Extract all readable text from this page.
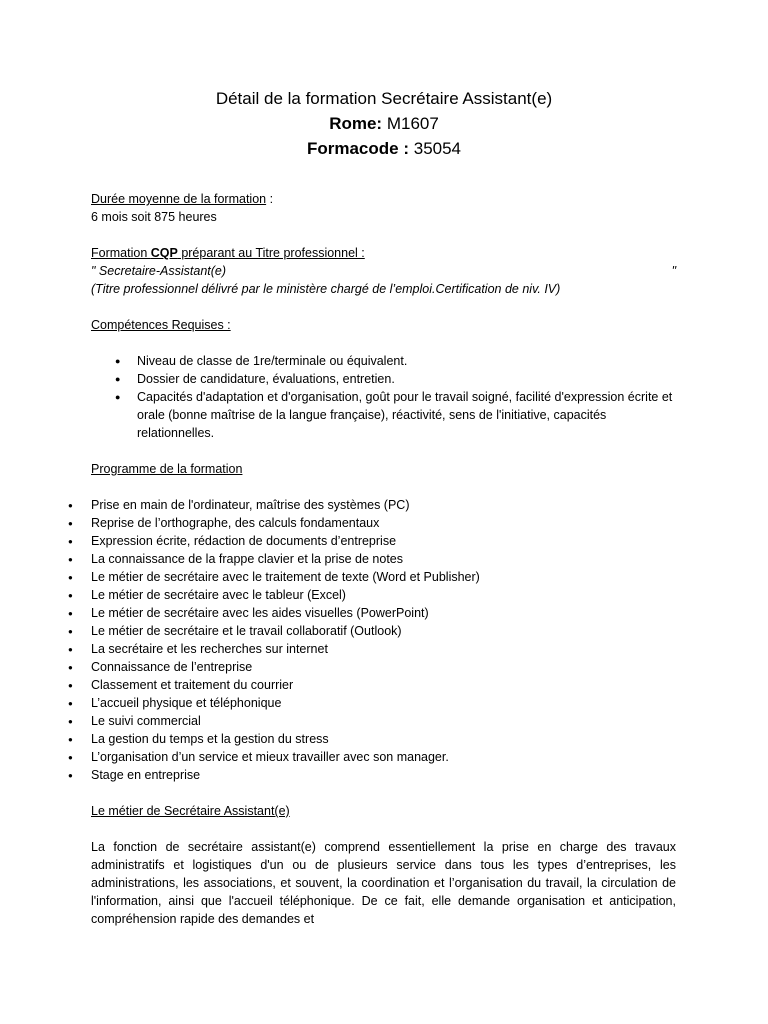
Détail de la formation Secrétaire Assistant(e)
Rome: M1607
Formacode : 35054
Durée moyenne de la formation :
6 mois soit 875 heures
Formation CQP préparant au Titre professionnel :
" Secretaire-Assistant(e)	"
(Titre professionnel délivré par le ministère chargé de l’emploi.Certification de niv. IV)
Compétences Requises :
● Niveau de classe de 1re/terminale ou équivalent.
● Dossier de candidature, évaluations, entretien.
● Capacités d'adaptation et d'organisation, goût pour le travail soigné, facilité d'expression écrite et orale (bonne maîtrise de la langue française), réactivité, sens de l'initiative, capacités relationnelles.
Programme de la formation
● Prise en main de l'ordinateur, maîtrise des systèmes (PC)
● Reprise de l’orthographe, des calculs fondamentaux
● Expression écrite, rédaction de documents d’entreprise
● La connaissance de la frappe clavier et la prise de notes
● Le métier de secrétaire avec le traitement de texte (Word et Publisher)
● Le métier de secrétaire avec le tableur (Excel)
● Le métier de secrétaire avec les aides visuelles (PowerPoint)
● Le métier de secrétaire et le travail collaboratif (Outlook)
● La secrétaire et les recherches sur internet
● Connaissance de l’entreprise
● Classement et traitement du courrier
● L’accueil physique et téléphonique
● Le suivi commercial
● La gestion du temps et la gestion du stress
● L’organisation d’un service et mieux travailler avec son manager.
● Stage en entreprise
Le métier de Secrétaire Assistant(e)
La fonction de secrétaire assistant(e) comprend essentiellement la prise en charge des travaux administratifs et logistiques d'un ou de plusieurs service dans tous les types d’entreprises, les administrations, les associations, et souvent, la coordination et l’organisation du travail, la circulation de l'information, ainsi que l'accueil téléphonique. De ce fait, elle demande organisation et anticipation, compréhension rapide des demandes et
